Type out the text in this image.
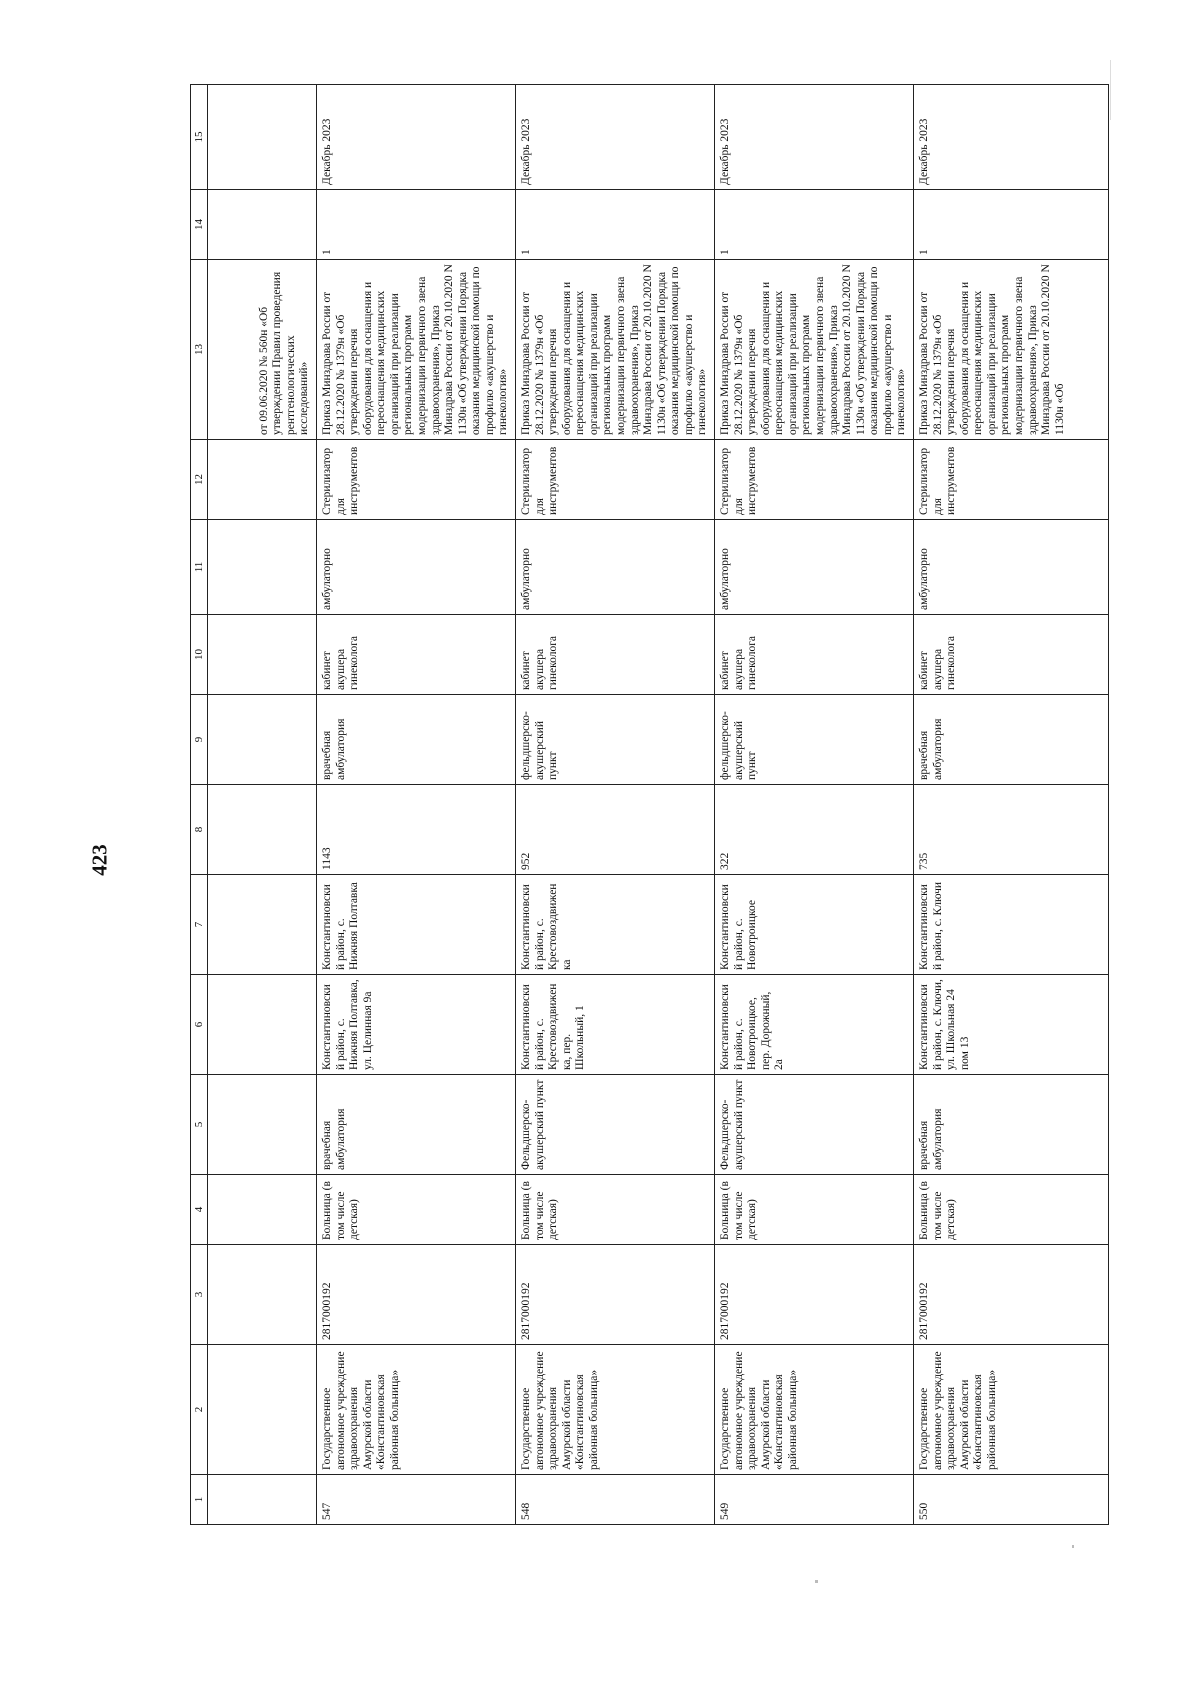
423
1	2	3	4	5	6	7	8	9	10	11	12	13	14	15
												от 09.06.2020 № 560н «Об утверждении Правил проведения рентгенологических исследований»		
547	Государственное автономное учреждение здравоохранения Амурской области «Константиновская районная больница»	2817000192	Больница (в том числе детская)	врачебная амбулатория	Константиновский район, с. Нижняя Полтавка, ул. Целинная 9а	Константиновский район, с. Нижняя Полтавка	1143	врачебная амбулатория	кабинет акушера гинеколога	амбулаторно	Стерилизатор для инструментов	Приказ Минздрава России от 28.12.2020 № 1379н «Об утверждении перечня оборудования для оснащения и переоснащения медицинских организаций при реализации региональных программ модернизации первичного звена здравоохранения», Приказ Минздрава России от 20.10.2020 N 1130н «Об утверждении Порядка оказания медицинской помощи по профилю «акушерство и гинекология»	1	Декабрь 2023
548	Государственное автономное учреждение здравоохранения Амурской области «Константиновская районная больница»	2817000192	Больница (в том числе детская)	Фельдшерско-акушерский пункт	Константиновский район, с. Крестовоздвиженка, пер. Школьный, 1	Константиновский район, с. Крестовоздвиженка	952	фельдшерско-акушерский пункт	кабинет акушера гинеколога	амбулаторно	Стерилизатор для инструментов	Приказ Минздрава России от 28.12.2020 № 1379н «Об утверждении перечня оборудования для оснащения и переоснащения медицинских организаций при реализации региональных программ модернизации первичного звена здравоохранения», Приказ Минздрава России от 20.10.2020 N 1130н «Об утверждении Порядка оказания медицинской помощи по профилю «акушерство и гинекология»	1	Декабрь 2023
549	Государственное автономное учреждение здравоохранения Амурской области «Константиновская районная больница»	2817000192	Больница (в том числе детская)	Фельдшерско-акушерский пункт	Константиновский район, с. Новотроицкое, пер. Дорожный, 2а	Константиновский район, с. Новотроицкое	322	фельдшерско-акушерский пункт	кабинет акушера гинеколога	амбулаторно	Стерилизатор для инструментов	Приказ Минздрава России от 28.12.2020 № 1379н «Об утверждении перечня оборудования для оснащения и переоснащения медицинских организаций при реализации региональных программ модернизации первичного звена здравоохранения», Приказ Минздрава России от 20.10.2020 N 1130н «Об утверждении Порядка оказания медицинской помощи по профилю «акушерство и гинекология»	1	Декабрь 2023
550	Государственное автономное учреждение здравоохранения Амурской области «Константиновская районная больница»	2817000192	Больница (в том числе детская)	врачебная амбулатория	Константиновский район, с. Ключи, ул. Школьная 24 пом 13	Константиновский район, с. Ключи	735	врачебная амбулатория	кабинет акушера гинеколога	амбулаторно	Стерилизатор для инструментов	Приказ Минздрава России от 28.12.2020 № 1379н «Об утверждении перечня оборудования для оснащения и переоснащения медицинских организаций при реализации региональных программ модернизации первичного звена здравоохранения», Приказ Минздрава России от 20.10.2020 N 1130н «Об	1	Декабрь 2023
